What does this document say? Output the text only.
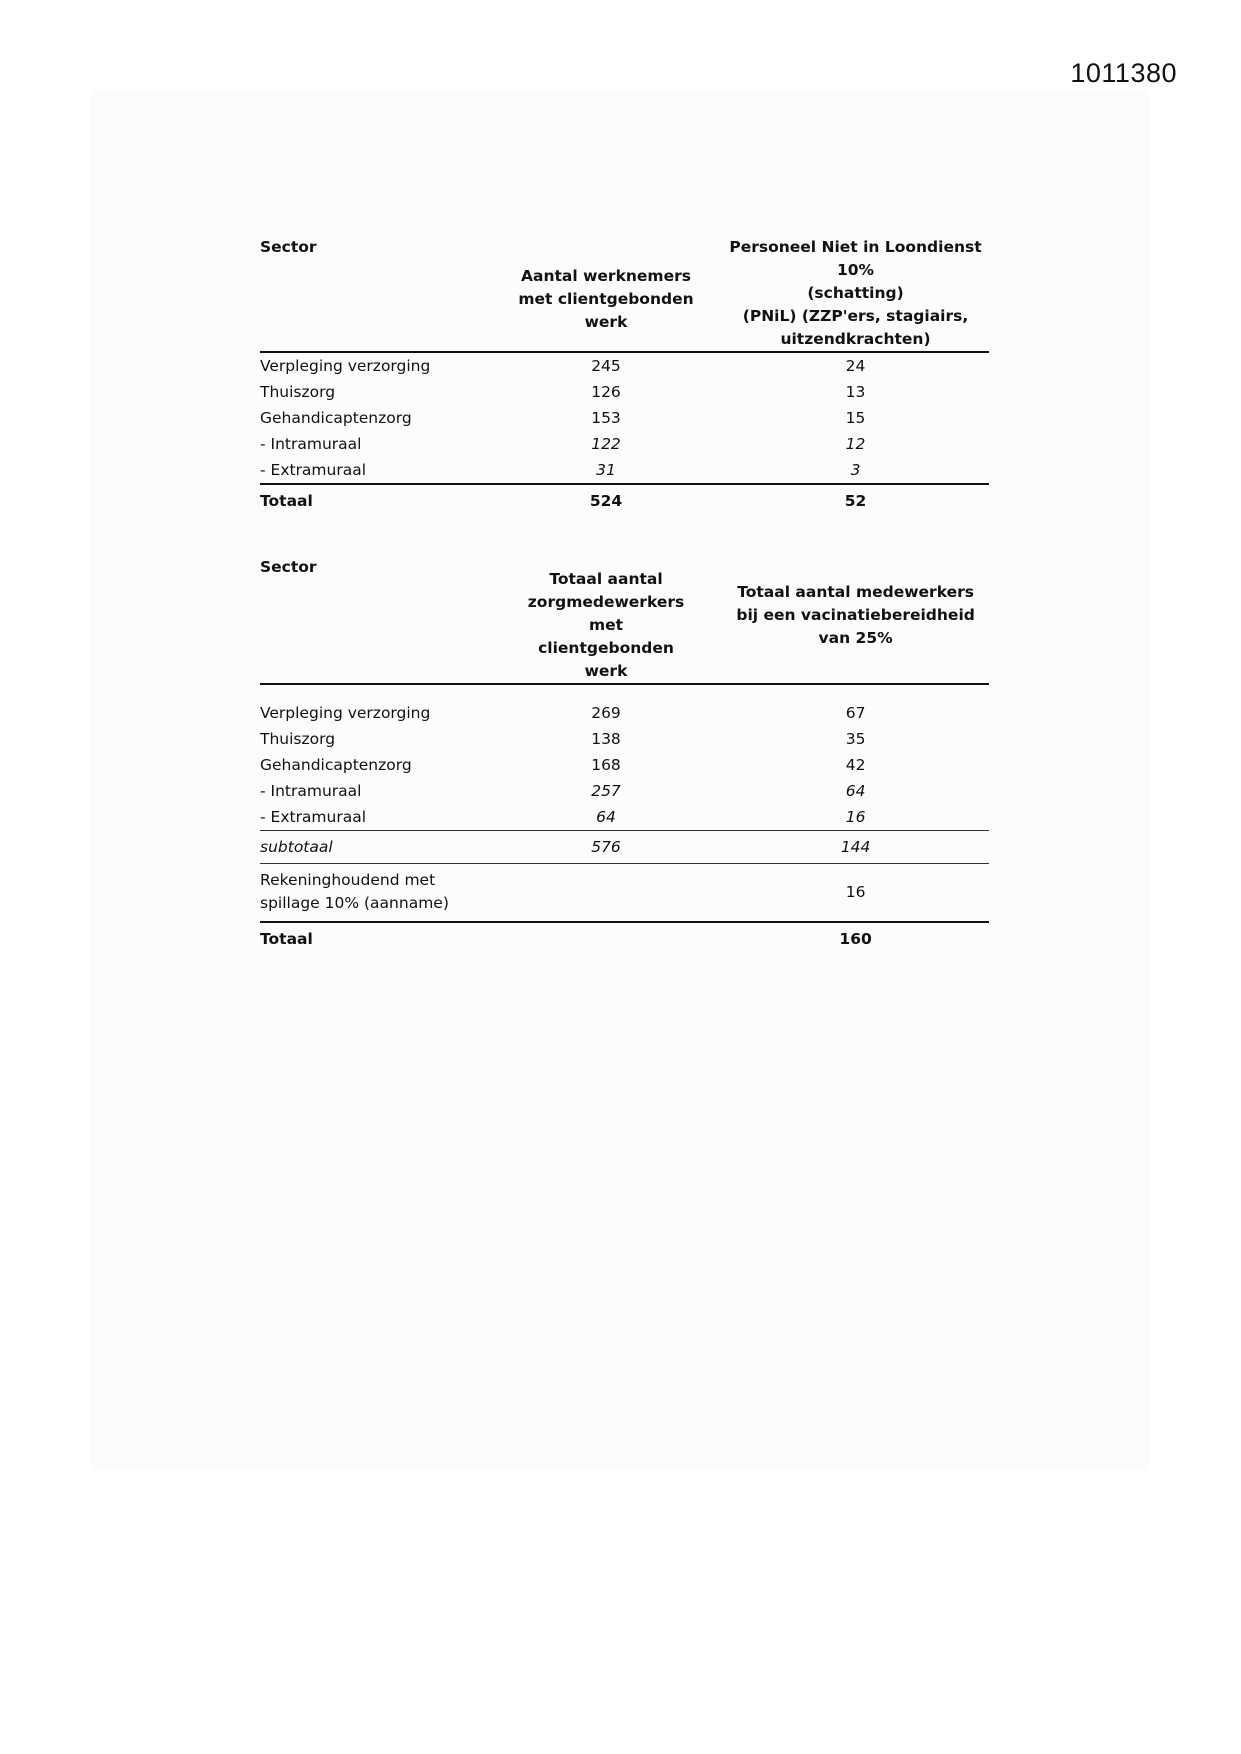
1011380
Sector	Aantal werknemers met clientgebonden werk	Personeel Niet in Loondienst 10%
(schatting)
(PNiL) (ZZP'ers, stagiairs,
uitzendkrachten)

Verpleging verzorging	245	24
Thuiszorg	126	13
Gehandicaptenzorg	153	15
- Intramuraal	122	12
- Extramuraal	31	3
Totaal	524	52
Sector	Totaal aantal zorgmedewerkers met clientgebonden werk	Totaal aantal medewerkers bij een vacinatiebereidheid van 25%

Verpleging verzorging	269	67
Thuiszorg	138	35
Gehandicaptenzorg	168	42
- Intramuraal	257	64
- Extramuraal	64	16
subtotaal	576	144

Rekeninghoudend met
spillage 10% (aanname)		16
Totaal		160
